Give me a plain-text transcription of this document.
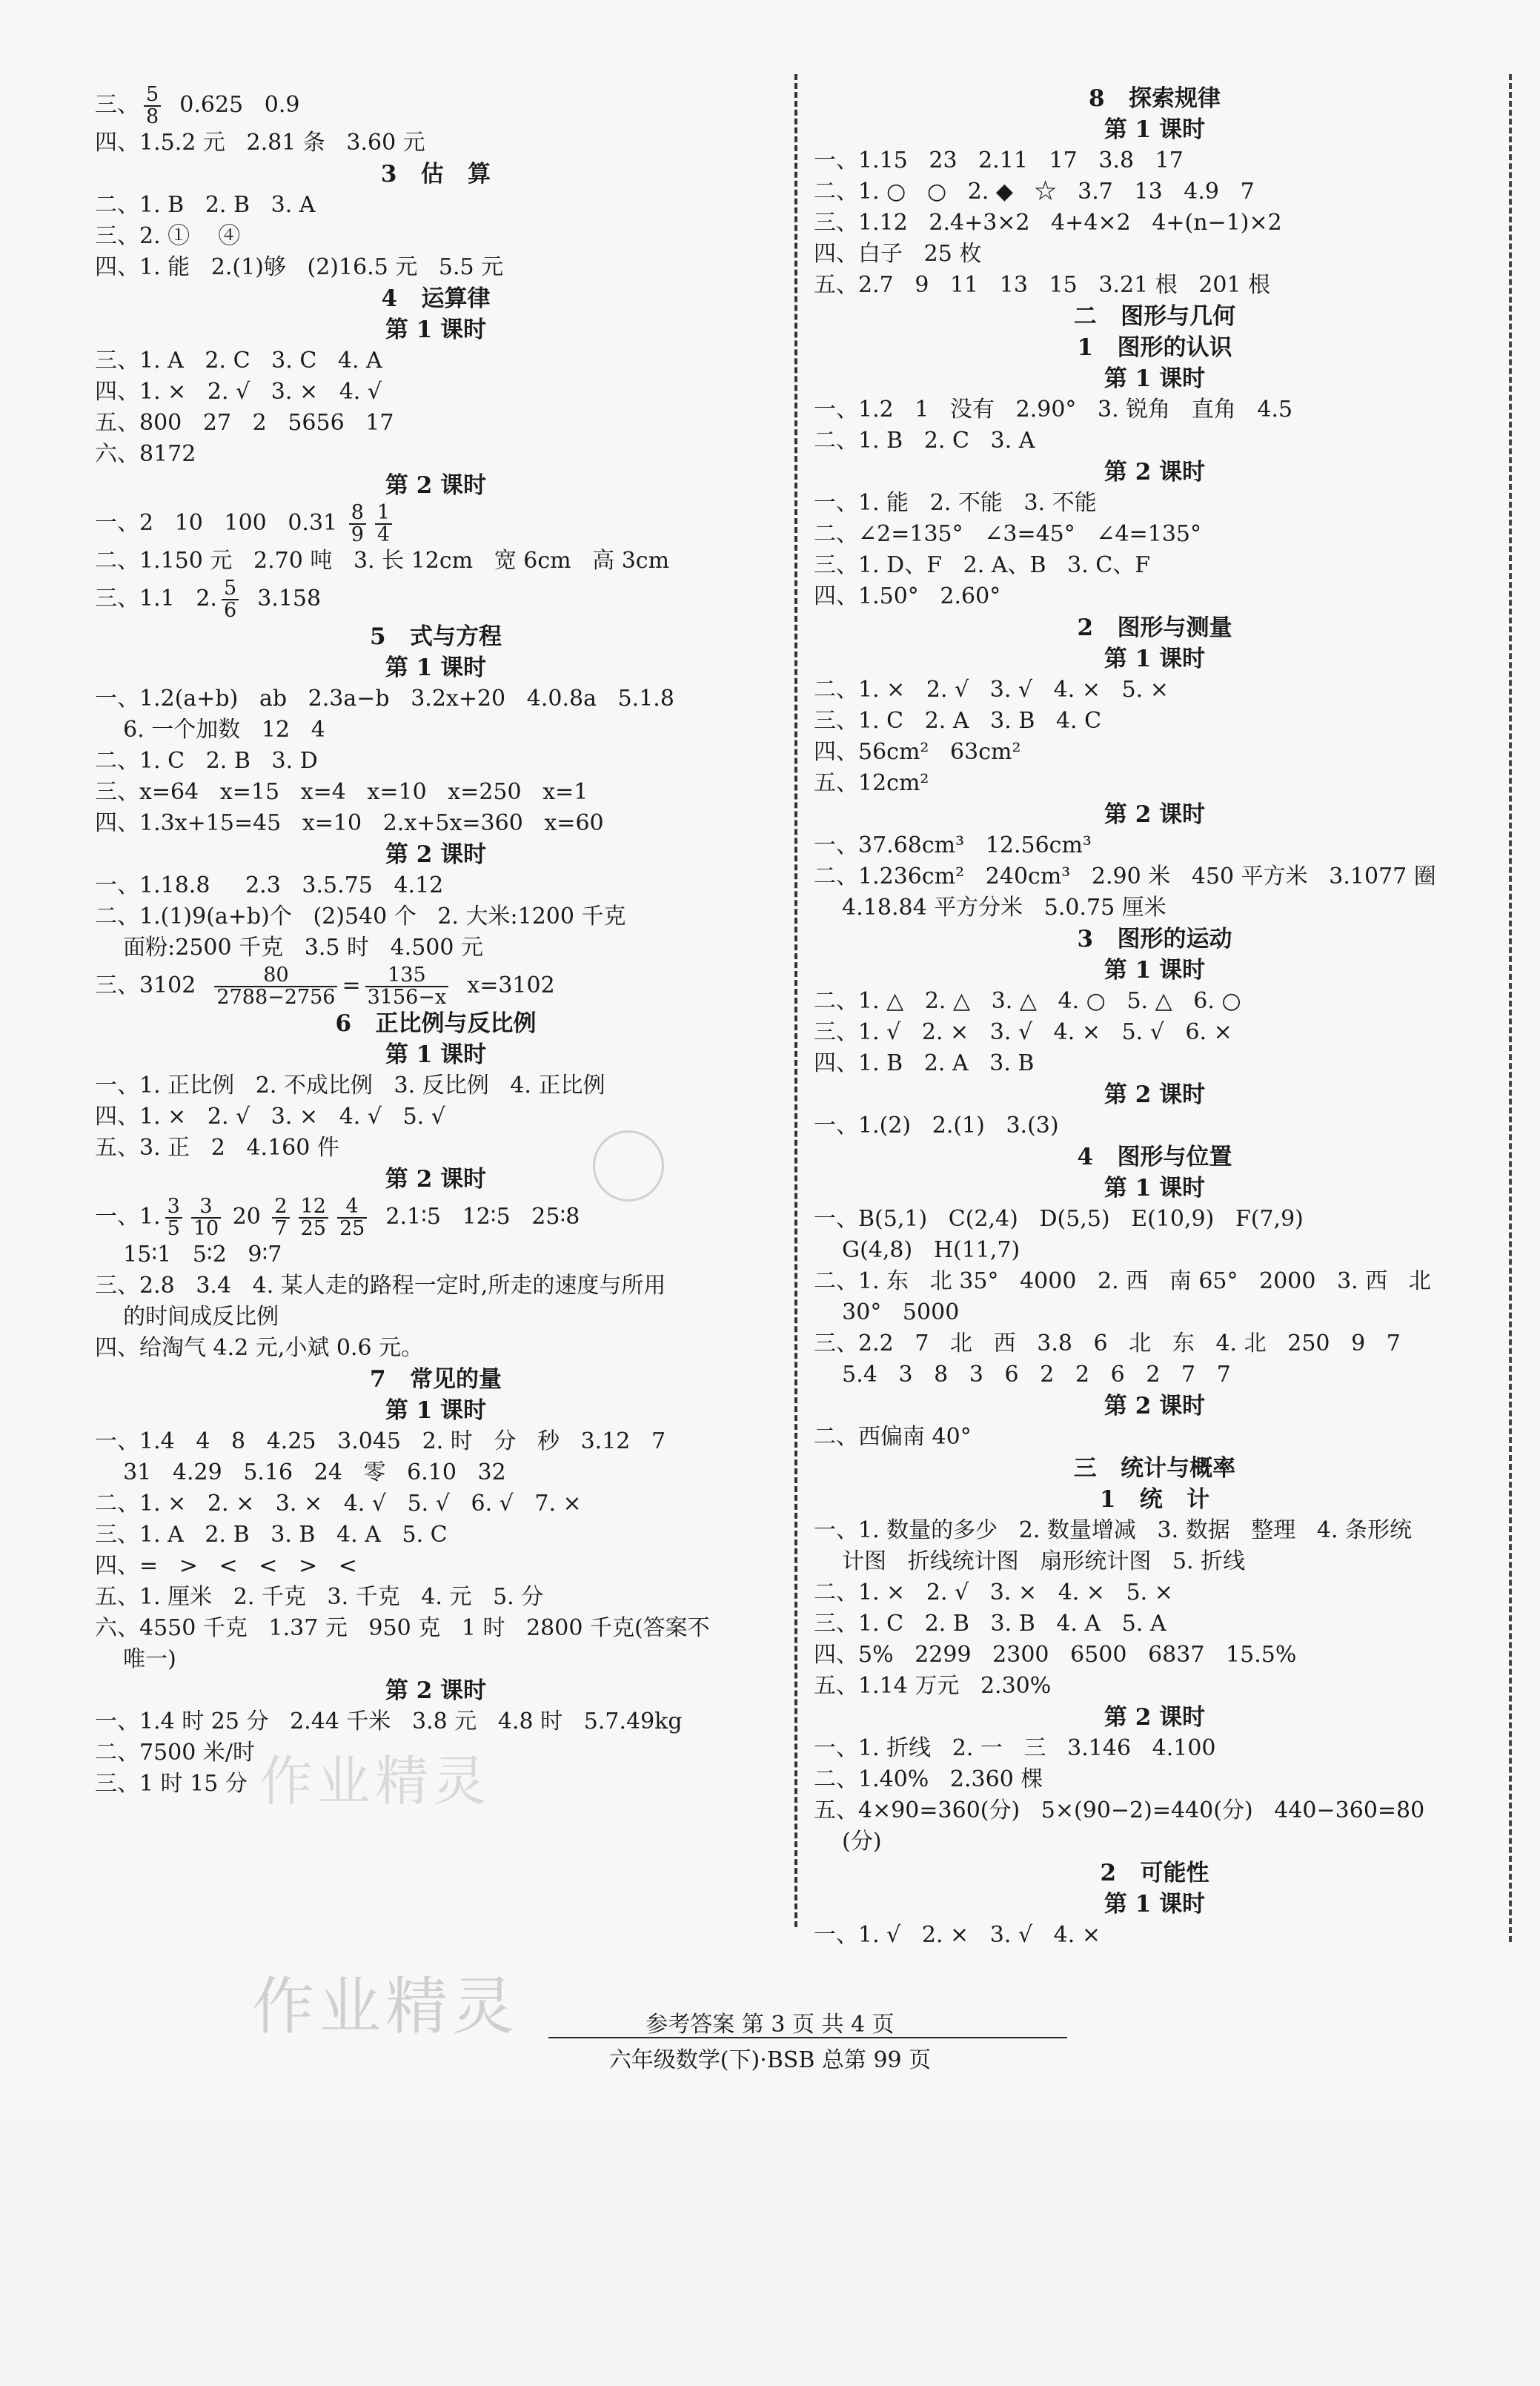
三、 $\frac{5}{8} 0.625$   0.9
四、1.5.2 元   2.81 条   3.60 元
3   估   算
二、1. B   2. B   3. A
三、2. ①    ④
四、1. 能   2.(1)够   (2)16.5 元   5.5 元
4   运算律
第 1 课时
三、1. A   2. C   3. C   4. A
四、1. ×   2. √   3. ×   4. √
五、800   27   2   5656   17
六、8172
第 2 课时
一、2   10   100   $0.31 \frac{8}{9} \frac{1}{4}$
二、1.150 元   2.70 吨   3. 长 12cm   宽 6cm   高 3cm
三、1.1   2. $\frac{5}{6} 3.158$
5   式与方程
第 1 课时
一、1.2(a+b)   ab   2.3a−b   3.2x+20   4.0.8a   5.1.8
6. 一个加数   12   4
二、1. C   2. B   3. D
三、x=64   x=15   x=4   x=10   x=250   x=1
四、1.3x+15=45   x=10   2.x+5x=360   x=60
第 2 课时
一、1.18.8     2.3   3.5.75   4.12
二、1.(1)9(a+b)个   (2)540 个   2. 大米:1200 千克
面粉:2500 千克   3.5 时   4.500 元
三、$3102 \frac{80}{2788-2756} = \frac{135}{3156-x} x=3102$
6   正比例与反比例
第 1 课时
一、1. 正比例   2. 不成比例   3. 反比例   4. 正比例
四、1. ×   2. √   3. ×   4. √   5. √
五、3. 正   2   4.160 件
第 2 课时
一、1. $\frac{3}{5} \frac{3}{10} 20 \frac{2}{7} \frac{12}{25} \frac{4}{25}$ 2.1∶5   12∶5   25∶8
15∶1   5∶2   9∶7
三、2.8   3.4   4. 某人走的路程一定时,所走的速度与所用
的时间成反比例
四、给淘气 4.2 元,小斌 0.6 元。
7   常见的量
第 1 课时
一、1.4   4   8   4.25   3.045   2. 时   分   秒   3.12   7
31   4.29   5.16   24   零   6.10   32
二、1. ×   2. ×   3. ×   4. √   5. √   6. √   7. ×
三、1. A   2. B   3. B   4. A   5. C
四、=   >   <   <   >   <
五、1. 厘米   2. 千克   3. 千克   4. 元   5. 分
六、4550 千克   1.37 元   950 克   1 时   2800 千克(答案不
唯一)
第 2 课时
一、1.4 时 25 分   2.44 千米   3.8 元   4.8 时   5.7.49kg
二、7500 米/时
三、1 时 15 分
8   探索规律
第 1 课时
一、1.15   23   2.11   17   3.8   17
二、1. ○   ○   2. ◆   ☆   3.7   13   4.9   7
三、1.12   2.4+3×2   4+4×2   4+(n−1)×2
四、白子   25 枚
五、2.7   9   11   13   15   3.21 根   201 根
二   图形与几何
1   图形的认识
第 1 课时
一、1.2   1   没有   2.90°   3. 锐角   直角   4.5
二、1. B   2. C   3. A
第 2 课时
一、1. 能   2. 不能   3. 不能
二、∠2=135°   ∠3=45°   ∠4=135°
三、1. D、F   2. A、B   3. C、F
四、1.50°   2.60°
2   图形与测量
第 1 课时
二、1. ×   2. √   3. √   4. ×   5. ×
三、1. C   2. A   3. B   4. C
四、56cm²   63cm²
五、12cm²
第 2 课时
一、37.68cm³   12.56cm³
二、1.236cm²   240cm³   2.90 米   450 平方米   3.1077 圈
4.18.84 平方分米   5.0.75 厘米
3   图形的运动
第 1 课时
二、1. △   2. △   3. △   4. ○   5. △   6. ○
三、1. √   2. ×   3. √   4. ×   5. √   6. ×
四、1. B   2. A   3. B
第 2 课时
一、1.(2)   2.(1)   3.(3)
4   图形与位置
第 1 课时
一、B(5,1)   C(2,4)   D(5,5)   E(10,9)   F(7,9)
G(4,8)   H(11,7)
二、1. 东   北 35°   4000   2. 西   南 65°   2000   3. 西   北
30°   5000
三、2.2   7   北   西   3.8   6   北   东   4. 北   250   9   7
5.4   3   8   3   6   2   2   6   2   7   7
第 2 课时
二、西偏南 40°
三   统计与概率
1   统   计
一、1. 数量的多少   2. 数量增减   3. 数据   整理   4. 条形统
计图   折线统计图   扇形统计图   5. 折线
二、1. ×   2. √   3. ×   4. ×   5. ×
三、1. C   2. B   3. B   4. A   5. A
四、5%   2299   2300   6500   6837   15.5%
五、1.14 万元   2.30%
第 2 课时
一、1. 折线   2. 一   三   3.146   4.100
二、1.40%   2.360 棵
五、4×90=360(分)   5×(90−2)=440(分)   440−360=80
(分)
2   可能性
第 1 课时
一、1. √   2. ×   3. √   4. ×
作业精灵
作业精灵	参考答案 第 3 页 共 4 页
六年级数学(下)·BSB 总第 99 页
